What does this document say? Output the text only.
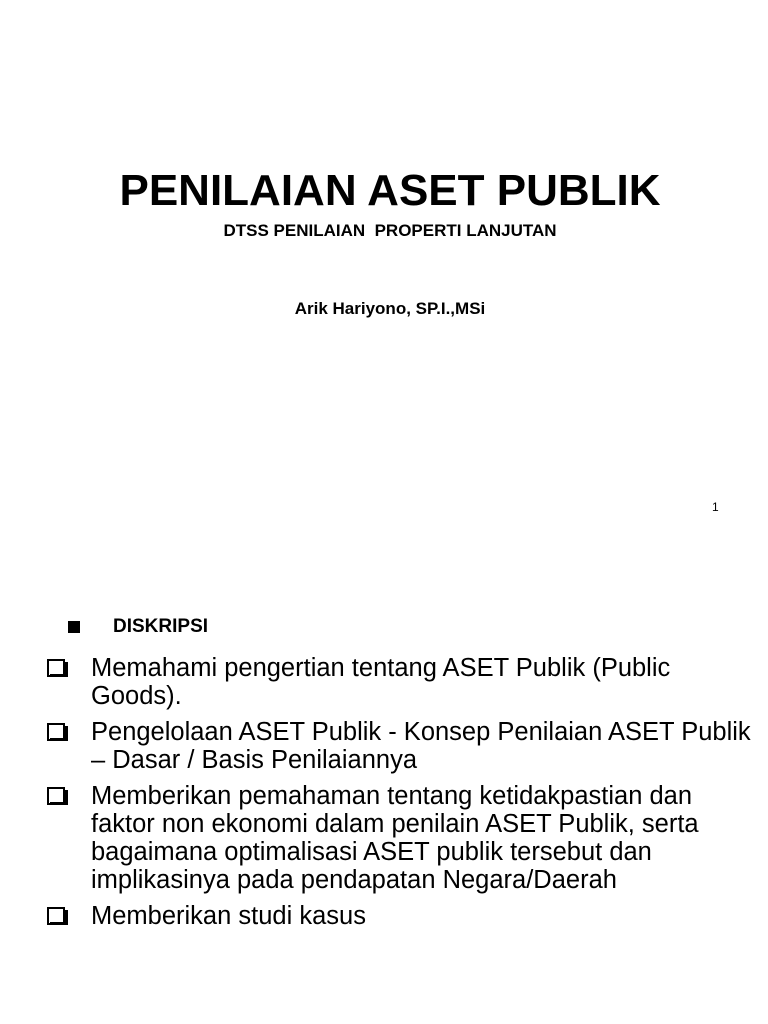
PENILAIAN ASET PUBLIK
DTSS PENILAIAN  PROPERTI LANJUTAN
Arik Hariyono, SP.I.,MSi
1
DISKRIPSI
Memahami pengertian tentang ASET Publik (Public Goods).
Pengelolaan ASET Publik - Konsep Penilaian ASET Publik – Dasar / Basis Penilaiannya
Memberikan pemahaman tentang ketidakpastian dan faktor non ekonomi dalam penilain ASET Publik, serta bagaimana optimalisasi ASET publik tersebut dan implikasinya pada pendapatan Negara/Daerah
Memberikan studi kasus
